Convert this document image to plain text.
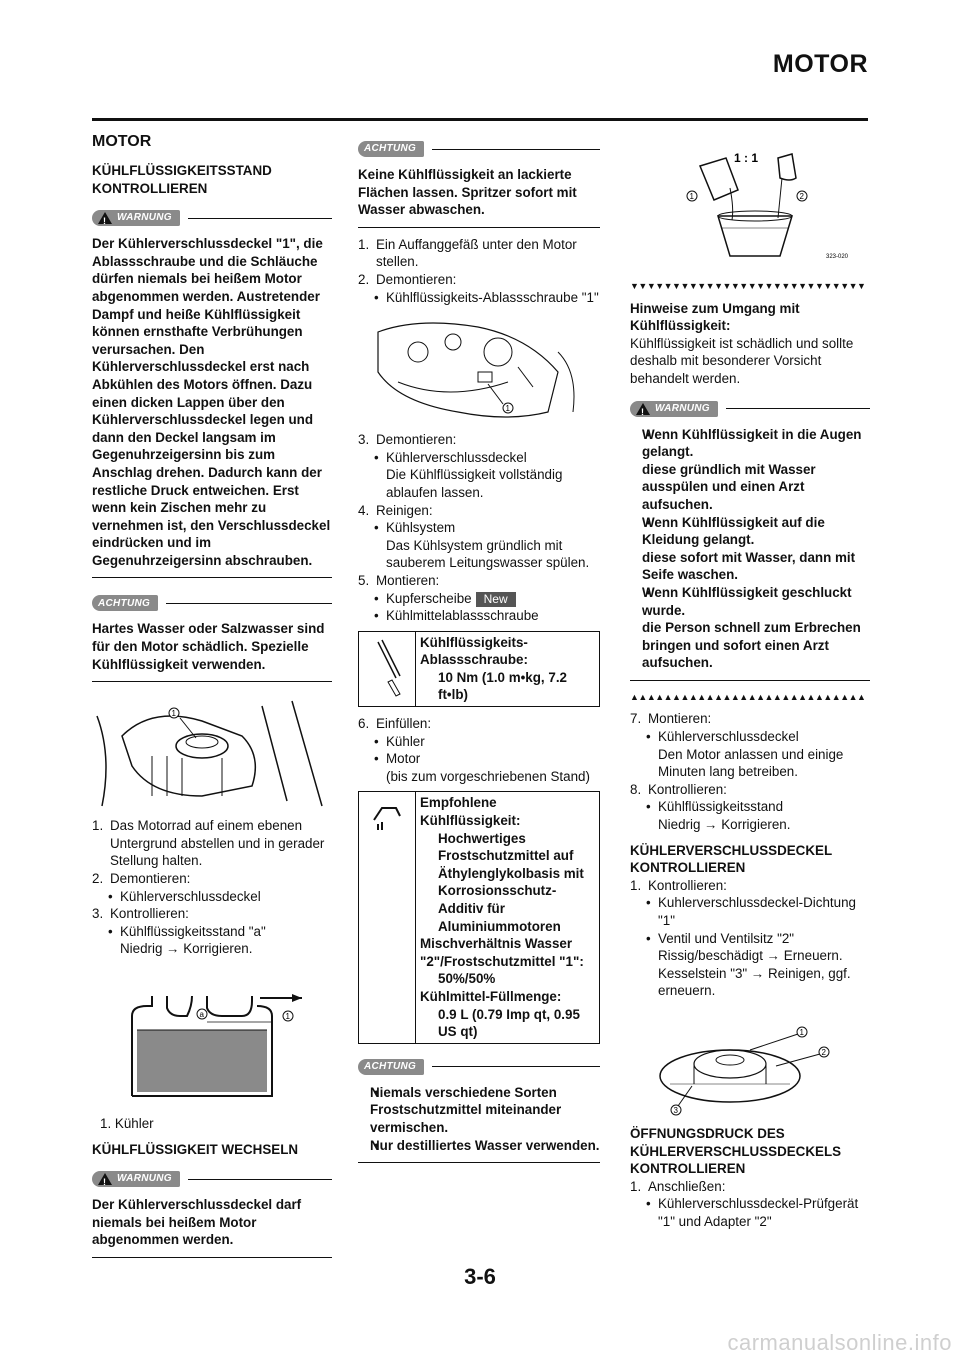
MOTOR
MOTOR
KÜHLFLÜSSIGKEITSSTAND KONTROLLIEREN
!
WARNUNG
Der Kühlerverschlussdeckel "1", die Ablassschraube und die Schläuche dürfen niemals bei heißem Motor abgenommen werden. Austretender Dampf und heiße Kühlflüssigkeit können ernsthafte Verbrühungen verursachen. Den Kühlerverschlussdeckel erst nach Abkühlen des Motors öffnen. Dazu einen dicken Lappen über den Kühlerverschlussdeckel legen und dann den Deckel langsam im Gegenuhrzeigersinn bis zum Anschlag drehen. Dadurch kann der restliche Druck entweichen. Erst wenn kein Zischen mehr zu vernehmen ist, den Verschlussdeckel eindrücken und im Gegenuhrzeigersinn abschrauben.
ACHTUNG
Hartes Wasser oder Salzwasser sind für den Motor schädlich. Spezielle Kühlflüssigkeit verwenden.
1
1. Das Motorrad auf einem ebenen Untergrund abstellen und in gerader Stellung halten.
2. Demontieren:
• Kühlerverschlussdeckel
3. Kontrollieren:
• Kühlflüssigkeitsstand "a"
Niedrig → Korrigieren.
a	1
1. Kühler
KÜHLFLÜSSIGKEIT WECHSELN
!
WARNUNG
Der Kühlerverschlussdeckel darf niemals bei heißem Motor abgenommen werden.
ACHTUNG
Keine Kühlflüssigkeit an lackierte Flächen lassen. Spritzer sofort mit Wasser abwaschen.
1. Ein Auffanggefäß unter den Motor stellen.
2. Demontieren:
• Kühlflüssigkeits-Ablassschraube "1"
1
3. Demontieren:
• Kühlerverschlussdeckel
Die Kühlflüssigkeit vollständig ablaufen lassen.
4. Reinigen:
• Kühlsystem
Das Kühlsystem gründlich mit sauberem Leitungswasser spülen.
5. Montieren:
• Kupferscheibe New
• Kühlmittelablassschraube
Kühlflüssigkeits-Ablassschraube:
10 Nm (1.0 m•kg, 7.2 ft•lb)
6. Einfüllen:
• Kühler
• Motor
(bis zum vorgeschriebenen Stand)
Empfohlene Kühlflüssigkeit:
Hochwertiges Frostschutzmittel auf Äthylenglykolbasis mit Korrosionsschutz-Additiv für Aluminiummotoren
Mischverhältnis Wasser "2"/Frostschutzmittel "1":
50%/50%
Kühlmittel-Füllmenge:
0.9 L (0.79 Imp qt, 0.95 US qt)
ACHTUNG
• Niemals verschiedene Sorten Frostschutzmittel miteinander vermischen.
• Nur destilliertes Wasser verwenden.
1 : 1
1	2
323-020
▼▼▼▼▼▼▼▼▼▼▼▼▼▼▼▼▼▼▼▼▼▼▼▼▼▼▼▼
Hinweise zum Umgang mit Kühlflüssigkeit:
Kühlflüssigkeit ist schädlich und sollte deshalb mit besonderer Vorsicht behandelt werden.
!
WARNUNG
• Wenn Kühlflüssigkeit in die Augen gelangt.
diese gründlich mit Wasser ausspülen und einen Arzt aufsuchen.
• Wenn Kühlflüssigkeit auf die Kleidung gelangt.
diese sofort mit Wasser, dann mit Seife waschen.
• Wenn Kühlflüssigkeit geschluckt wurde.
die Person schnell zum Erbrechen bringen und sofort einen Arzt aufsuchen.
▲▲▲▲▲▲▲▲▲▲▲▲▲▲▲▲▲▲▲▲▲▲▲▲▲▲▲▲
7. Montieren:
• Kühlerverschlussdeckel
Den Motor anlassen und einige Minuten lang betreiben.
8. Kontrollieren:
• Kühlflüssigkeitsstand
Niedrig → Korrigieren.
KÜHLERVERSCHLUSSDECKEL KONTROLLIEREN
1. Kontrollieren:
• Kuhlerverschlussdeckel-Dichtung "1"
• Ventil und Ventilsitz "2"
Rissig/beschädigt → Erneuern. Kesselstein "3" → Reinigen, ggf. erneuern.
1
2
3
ÖFFNUNGSDRUCK DES KÜHLERVERSCHLUSSDECKELS KONTROLLIEREN
1. Anschließen:
• Kühlerverschlussdeckel-Prüfgerät "1" und Adapter "2"
3-6
carmanualsonline.info
